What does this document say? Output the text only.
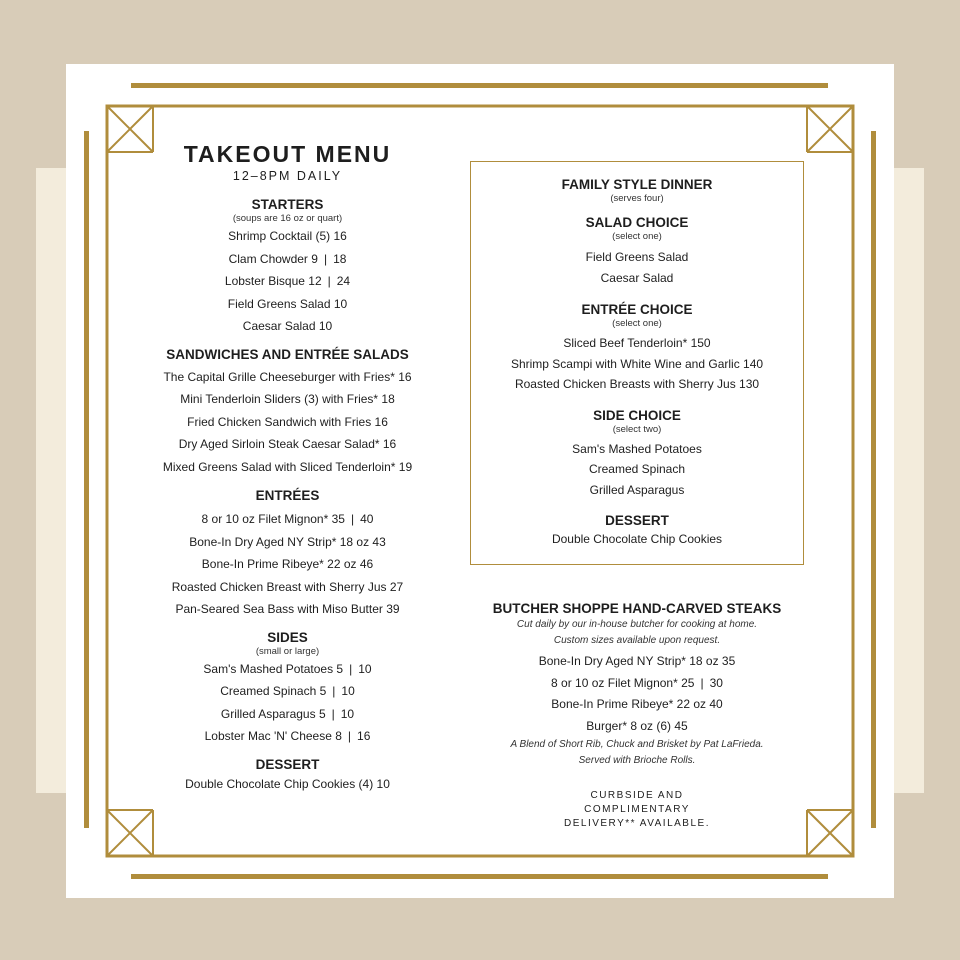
TAKEOUT MENU
12–8PM DAILY
STARTERS
(soups are 16 oz or quart)
Shrimp Cocktail (5) 16
Clam Chowder 9 | 18
Lobster Bisque 12 | 24
Field Greens Salad 10
Caesar Salad 10
SANDWICHES AND ENTRÉE SALADS
The Capital Grille Cheeseburger with Fries* 16
Mini Tenderloin Sliders (3) with Fries* 18
Fried Chicken Sandwich with Fries 16
Dry Aged Sirloin Steak Caesar Salad* 16
Mixed Greens Salad with Sliced Tenderloin* 19
ENTRÉES
8 or 10 oz Filet Mignon* 35 | 40
Bone-In Dry Aged NY Strip* 18 oz 43
Bone-In Prime Ribeye* 22 oz 46
Roasted Chicken Breast with Sherry Jus 27
Pan-Seared Sea Bass with Miso Butter 39
SIDES
(small or large)
Sam's Mashed Potatoes 5 | 10
Creamed Spinach 5 | 10
Grilled Asparagus 5 | 10
Lobster Mac 'N' Cheese 8 | 16
DESSERT
Double Chocolate Chip Cookies (4) 10
FAMILY STYLE DINNER
(serves four)
SALAD CHOICE
(select one)
Field Greens Salad
Caesar Salad
ENTRÉE CHOICE
(select one)
Sliced Beef Tenderloin* 150
Shrimp Scampi with White Wine and Garlic 140
Roasted Chicken Breasts with Sherry Jus 130
SIDE CHOICE
(select two)
Sam's Mashed Potatoes
Creamed Spinach
Grilled Asparagus
DESSERT
Double Chocolate Chip Cookies
BUTCHER SHOPPE HAND-CARVED STEAKS
Cut daily by our in-house butcher for cooking at home.
Custom sizes available upon request.
Bone-In Dry Aged NY Strip* 18 oz 35
8 or 10 oz Filet Mignon* 25 | 30
Bone-In Prime Ribeye* 22 oz 40
Burger* 8 oz (6) 45
A Blend of Short Rib, Chuck and Brisket by Pat LaFrieda.
Served with Brioche Rolls.
CURBSIDE AND
COMPLIMENTARY
DELIVERY** AVAILABLE.
